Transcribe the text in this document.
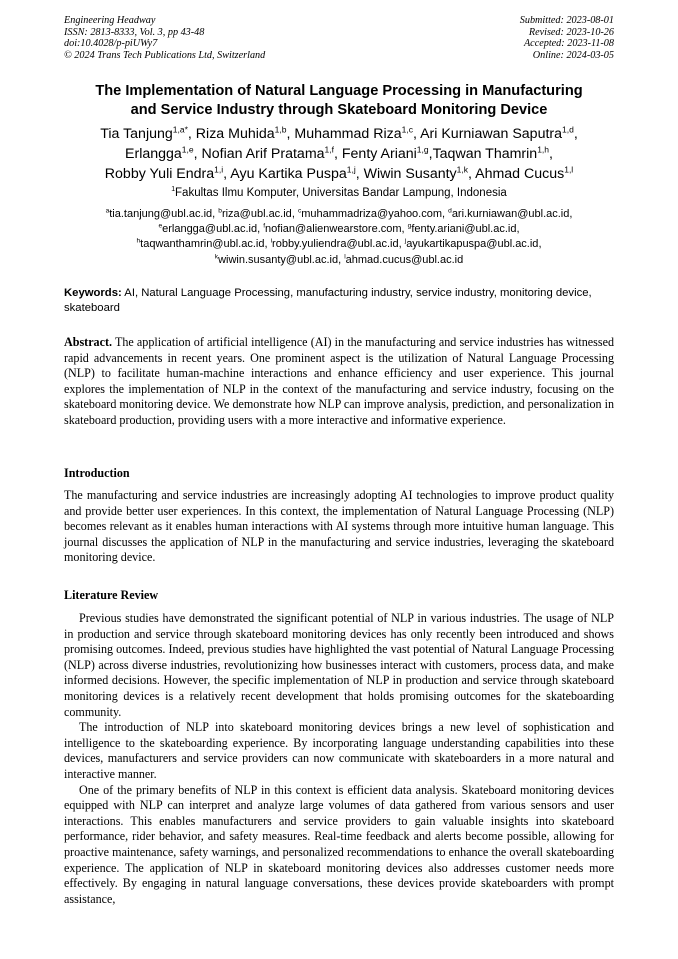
Engineering Headway
ISSN: 2813-8333, Vol. 3, pp 43-48
doi:10.4028/p-piUWy7
© 2024 Trans Tech Publications Ltd, Switzerland
Submitted: 2023-08-01
Revised: 2023-10-26
Accepted: 2023-11-08
Online: 2024-03-05
The Implementation of Natural Language Processing in Manufacturing
and Service Industry through Skateboard Monitoring Device
Tia Tanjung$^{1,a*}$, Riza Muhida$^{1,b}$, Muhammad Riza$^{1,c}$, Ari Kurniawan Saputra$^{1,d}$,
Erlangga$^{1,e}$, Nofian Arif Pratama$^{1,f}$, Fenty Ariani$^{1,g}$,Taqwan Thamrin$^{1,h}$,
Robby Yuli Endra$^{1,i}$, Ayu Kartika Puspa$^{1,j}$, Wiwin Susanty$^{1,k}$, Ahmad Cucus$^{1,l}$
$^1$Fakultas Ilmu Komputer, Universitas Bandar Lampung, Indonesia
$^a$tia.tanjung@ubl.ac.id, $^b$riza@ubl.ac.id, $^c$muhammadriza@yahoo.com, $^d$ari.kurniawan@ubl.ac.id,
$^e$erlangga@ubl.ac.id, $^f$nofian@alienwearstore.com, $^g$fenty.ariani@ubl.ac.id,
$^h$taqwanthamrin@ubl.ac.id, $^i$robby.yuliendra@ubl.ac.id, $^j$ayukartikapuspa@ubl.ac.id,
$^k$wiwin.susanty@ubl.ac.id, $^l$ahmad.cucus@ubl.ac.id
Keywords: AI, Natural Language Processing, manufacturing industry, service industry, monitoring device, skateboard
Abstract. The application of artificial intelligence (AI) in the manufacturing and service industries has witnessed rapid advancements in recent years. One prominent aspect is the utilization of Natural Language Processing (NLP) to facilitate human-machine interactions and enhance efficiency and user experience. This journal explores the implementation of NLP in the context of the manufacturing and service industry, focusing on the skateboard monitoring device. We demonstrate how NLP can improve analysis, prediction, and personalization in skateboard production, providing users with a more interactive and informative experience.
Introduction
The manufacturing and service industries are increasingly adopting AI technologies to improve product quality and provide better user experiences. In this context, the implementation of Natural Language Processing (NLP) becomes relevant as it enables human interactions with AI systems through more intuitive human language. This journal discusses the application of NLP in the manufacturing and service industries, leveraging the skateboard monitoring device.
Literature Review

Previous studies have demonstrated the significant potential of NLP in various industries. The usage of NLP in production and service through skateboard monitoring devices has only recently been introduced and shows promising outcomes. Indeed, previous studies have highlighted the vast potential of Natural Language Processing (NLP) across diverse industries, revolutionizing how businesses interact with customers, process data, and make informed decisions. However, the specific implementation of NLP in production and service through skateboard monitoring devices is a relatively recent development that holds promising outcomes for the skateboarding community.

The introduction of NLP into skateboard monitoring devices brings a new level of sophistication and intelligence to the skateboarding experience. By incorporating language understanding capabilities into these devices, manufacturers and service providers can now communicate with skateboarders in a more natural and interactive manner.

One of the primary benefits of NLP in this context is efficient data analysis. Skateboard monitoring devices equipped with NLP can interpret and analyze large volumes of data gathered from various sensors and user interactions. This enables manufacturers and service providers to gain valuable insights into skateboard performance, rider behavior, and safety measures. Real-time feedback and alerts become possible, allowing for proactive maintenance, safety warnings, and personalized recommendations to enhance the overall skateboarding experience. The application of NLP in skateboard monitoring devices also addresses customer needs more effectively. By engaging in natural language conversations, these devices provide skateboarders with prompt assistance,
